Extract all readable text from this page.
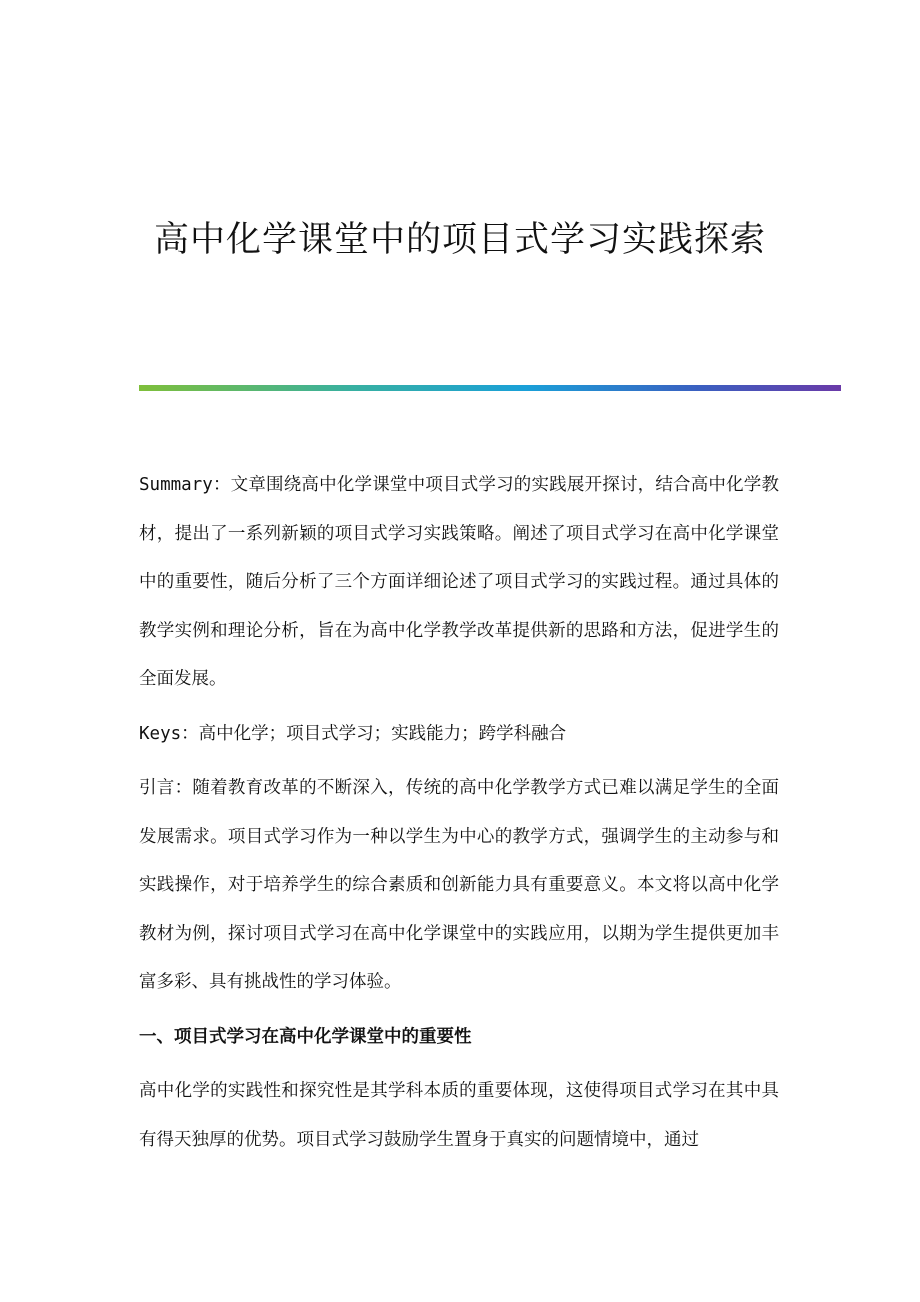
高中化学课堂中的项目式学习实践探索

Summary：文章围绕高中化学课堂中项目式学习的实践展开探讨，结合高中化学教材，提出了一系列新颖的项目式学习实践策略。阐述了项目式学习在高中化学课堂中的重要性，随后分析了三个方面详细论述了项目式学习的实践过程。通过具体的教学实例和理论分析，旨在为高中化学教学改革提供新的思路和方法，促进学生的全面发展。

Keys：高中化学；项目式学习；实践能力；跨学科融合

引言：随着教育改革的不断深入，传统的高中化学教学方式已难以满足学生的全面发展需求。项目式学习作为一种以学生为中心的教学方式，强调学生的主动参与和实践操作，对于培养学生的综合素质和创新能力具有重要意义。本文将以高中化学教材为例，探讨项目式学习在高中化学课堂中的实践应用，以期为学生提供更加丰富多彩、具有挑战性的学习体验。

一、项目式学习在高中化学课堂中的重要性

高中化学的实践性和探究性是其学科本质的重要体现，这使得项目式学习在其中具有得天独厚的优势。项目式学习鼓励学生置身于真实的问题情境中，通过
